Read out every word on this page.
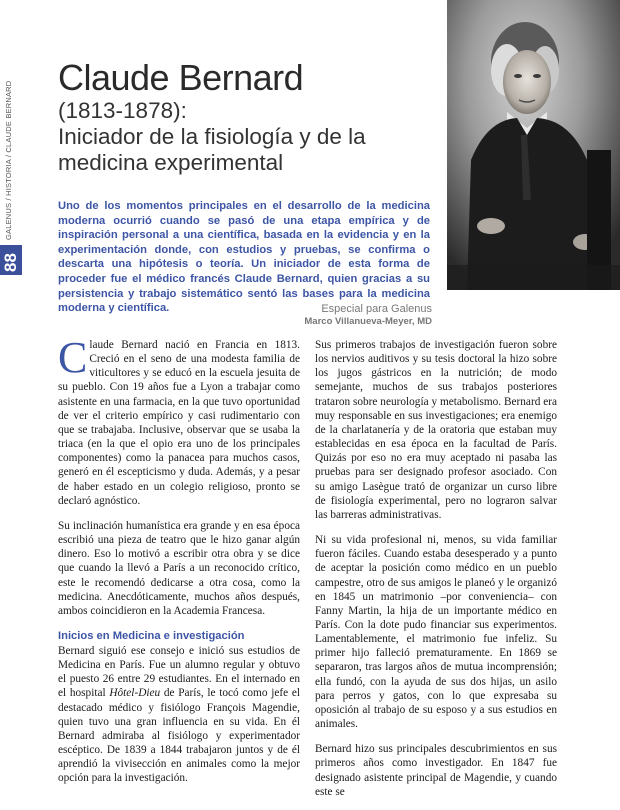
GALENUS / HISTORIA / CLAUDE BERNARD
88

Claude Bernard

(1813-1878):

Iniciador de la fisiología y de la

medicina experimental

Uno de los momentos principales en el desarrollo de la medicina moderna ocurrió cuando se pasó de una etapa empírica y de inspiración personal a una científica, basada en la evidencia y en la experimentación donde, con estudios y pruebas, se confirma o descarta una hipótesis o teoría. Un iniciador de esta forma de proceder fue el médico francés Claude Bernard, quien gracias a su persistencia y trabajo sistemático sentó las bases para la medicina moderna y científica.	Especial para Galenus
Marco Villanueva-Meyer, MD

Claude Bernard nació en Francia en 1813. Creció en el seno de una modesta familia de viticultores y se educó en la escuela jesuita de su pueblo. Con 19 años fue a Lyon a trabajar como asistente en una farmacia, en la que tuvo oportunidad de ver el criterio empírico y casi rudimentario con que se trabajaba. Inclusive, observar que se usaba la triaca (en la que el opio era uno de los principales componentes) como la panacea para muchos casos, generó en él escepticismo y duda. Además, y a pesar de haber estado en un colegio religioso, pronto se declaró agnóstico.

Su inclinación humanística era grande y en esa época escribió una pieza de teatro que le hizo ganar algún dinero. Eso lo motivó a escribir otra obra y se dice que cuando la llevó a París a un reconocido crítico, este le recomendó dedicarse a otra cosa, como la medicina. Anecdóticamente, muchos años después, ambos coincidieron en la Academia Francesa.

Inicios en Medicina e investigación

Bernard siguió ese consejo e inició sus estudios de Medicina en París. Fue un alumno regular y obtuvo el puesto 26 entre 29 estudiantes. En el internado en el hospital Hôtel-Dieu de París, le tocó como jefe el destacado médico y fisiólogo François Magendie, quien tuvo una gran influencia en su vida. En él Bernard admiraba al fisiólogo y experimentador escéptico. De 1839 a 1844 trabajaron juntos y de él aprendió la vivisección en animales como la mejor opción para la investigación.

Sus primeros trabajos de investigación fueron sobre los nervios auditivos y su tesis doctoral la hizo sobre los jugos gástricos en la nutrición; de modo semejante, muchos de sus trabajos posteriores trataron sobre neurología y metabolismo. Bernard era muy responsable en sus investigaciones; era enemigo de la charlatanería y de la oratoria que estaban muy establecidas en esa época en la facultad de París. Quizás por eso no era muy aceptado ni pasaba las pruebas para ser designado profesor asociado. Con su amigo Lasègue trató de organizar un curso libre de fisiología experimental, pero no lograron salvar las barreras administrativas.

Ni su vida profesional ni, menos, su vida familiar fueron fáciles. Cuando estaba desesperado y a punto de aceptar la posición como médico en un pueblo campestre, otro de sus amigos le planeó y le organizó en 1845 un matrimonio –por conveniencia– con Fanny Martin, la hija de un importante médico en París. Con la dote pudo financiar sus experimentos. Lamentablemente, el matrimonio fue infeliz. Su primer hijo falleció prematuramente. En 1869 se separaron, tras largos años de mutua incomprensión; ella fundó, con la ayuda de sus dos hijas, un asilo para perros y gatos, con lo que expresaba su oposición al trabajo de su esposo y a sus estudios en animales.

Bernard hizo sus principales descubrimientos en sus primeros años como investigador. En 1847 fue designado asistente principal de Magendie, y cuando este se
